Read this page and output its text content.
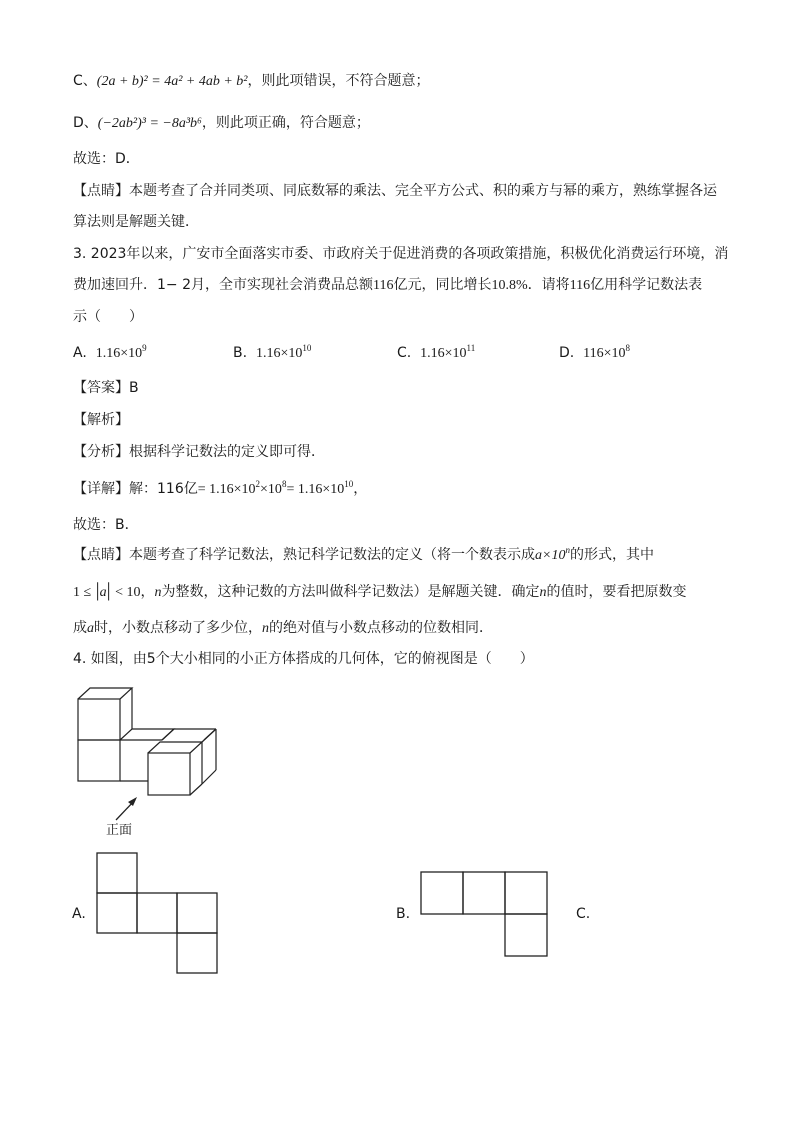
C、(2a + b)² = 4a² + 4ab + b²，则此项错误，不符合题意；
D、(−2ab²)³ = −8a³b⁶，则此项正确，符合题意；
故选：D．
【点睛】本题考查了合并同类项、同底数幂的乘法、完全平方公式、积的乘方与幂的乘方，熟练掌握各运
算法则是解题关键．
3. 2023年以来，广安市全面落实市委、市政府关于促进消费的各项政策措施，积极优化消费运行环境，消
费加速回升．1− 2月，全市实现社会消费品总额116亿元，同比增长10.8%．请将116亿用科学记数法表
示（　　）
A. $1.16\times 10^9$	B. $1.16\times 10^{10}$	C. $1.16\times 10^{11}$	D. $116\times 10^8$
【答案】B
【解析】
【分析】根据科学记数法的定义即可得．
【详解】解：116亿= $1.16\times 10^2\times 10^8= 1.16\times 10^{10}$，
故选：B．
【点睛】本题考查了科学记数法，熟记科学记数法的定义（将一个数表示成$a\times 10^n$的形式，其中
1 ≤ |a| < 10，n为整数，这种记数的方法叫做科学记数法）是解题关键．确定n的值时，要看把原数变
成a时，小数点移动了多少位，n的绝对值与小数点移动的位数相同．
4. 如图，由5个大小相同的小正方体搭成的几何体，它的俯视图是（　　）
正面
A.	B.	C.
